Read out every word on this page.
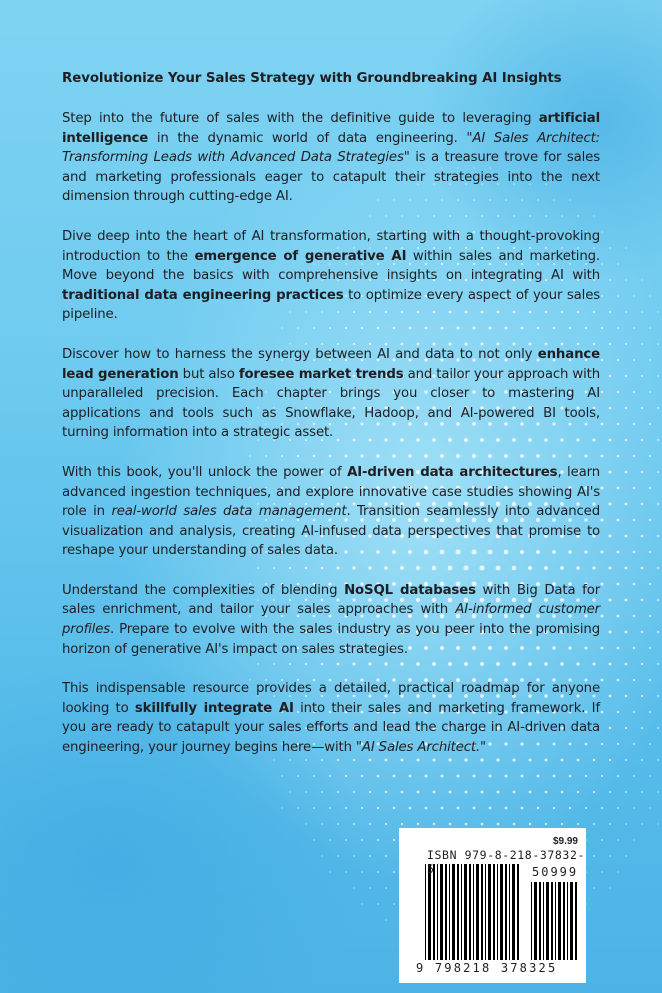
Revolutionize Your Sales Strategy with Groundbreaking AI Insights

Step into the future of sales with the definitive guide to leveraging artificial intelligence in the dynamic world of data engineering. "AI Sales Architect: Transforming Leads with Advanced Data Strategies" is a treasure trove for sales and marketing professionals eager to catapult their strategies into the next dimension through cutting-edge AI.

Dive deep into the heart of AI transformation, starting with a thought-provoking introduction to the emergence of generative AI within sales and marketing. Move beyond the basics with comprehensive insights on integrating AI with traditional data engineering practices to optimize every aspect of your sales pipeline.

Discover how to harness the synergy between AI and data to not only enhance lead generation but also foresee market trends and tailor your approach with unparalleled precision. Each chapter brings you closer to mastering AI applications and tools such as Snowflake, Hadoop, and AI-powered BI tools, turning information into a strategic asset.

With this book, you'll unlock the power of AI-driven data architectures, learn advanced ingestion techniques, and explore innovative case studies showing AI's role in real-world sales data management. Transition seamlessly into advanced visualization and analysis, creating AI-infused data perspectives that promise to reshape your understanding of sales data.

Understand the complexities of blending NoSQL databases with Big Data for sales enrichment, and tailor your sales approaches with AI-informed customer profiles. Prepare to evolve with the sales industry as you peer into the promising horizon of generative AI's impact on sales strategies.

This indispensable resource provides a detailed, practical roadmap for anyone looking to skillfully integrate AI into their sales and marketing framework. If you are ready to catapult your sales efforts and lead the charge in AI-driven data engineering, your journey begins here—with "AI Sales Architect."

$9.99
ISBN 979-8-218-37832-5	50999
9 798218 378325
